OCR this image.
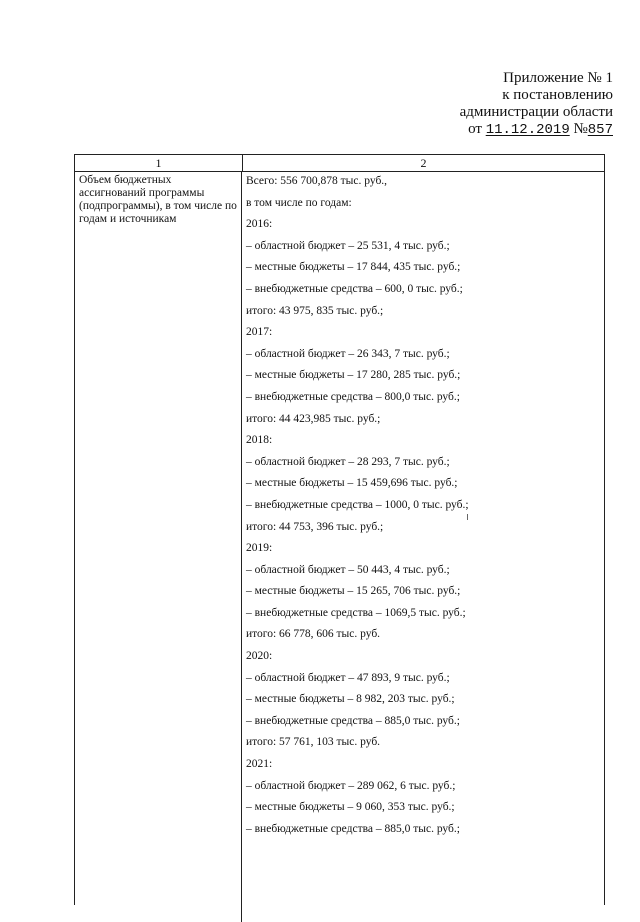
Приложение № 1
к постановлению
администрации области
от 11.12.2019 №857
1	2
Объем бюджетных ассигнований программы (подпрограммы), в том числе по годам и источникам
Всего: 556 700,878 тыс. руб.,
в том числе по годам:
2016:
– областной бюджет – 25 531, 4 тыс. руб.;
– местные бюджеты – 17 844, 435 тыс. руб.;
– внебюджетные средства – 600, 0 тыс. руб.;
итого: 43 975, 835 тыс. руб.;
2017:
– областной бюджет – 26 343, 7 тыс. руб.;
– местные бюджеты – 17 280, 285 тыс. руб.;
– внебюджетные средства – 800,0 тыс. руб.;
итого: 44 423,985 тыс. руб.;
2018:
– областной бюджет – 28 293, 7 тыс. руб.;
– местные бюджеты – 15 459,696 тыс. руб.;
– внебюджетные средства – 1000, 0 тыс. руб.;
итого: 44 753, 396 тыс. руб.;
2019:
– областной бюджет – 50 443, 4 тыс. руб.;
– местные бюджеты – 15 265, 706 тыс. руб.;
– внебюджетные средства – 1069,5 тыс. руб.;
итого: 66 778, 606 тыс. руб.
2020:
– областной бюджет – 47 893, 9 тыс. руб.;
– местные бюджеты – 8 982, 203 тыс. руб.;
– внебюджетные средства – 885,0 тыс. руб.;
итого: 57 761, 103 тыс. руб.
2021:
– областной бюджет – 289 062, 6 тыс. руб.;
– местные бюджеты – 9 060, 353 тыс. руб.;
– внебюджетные средства – 885,0 тыс. руб.;
